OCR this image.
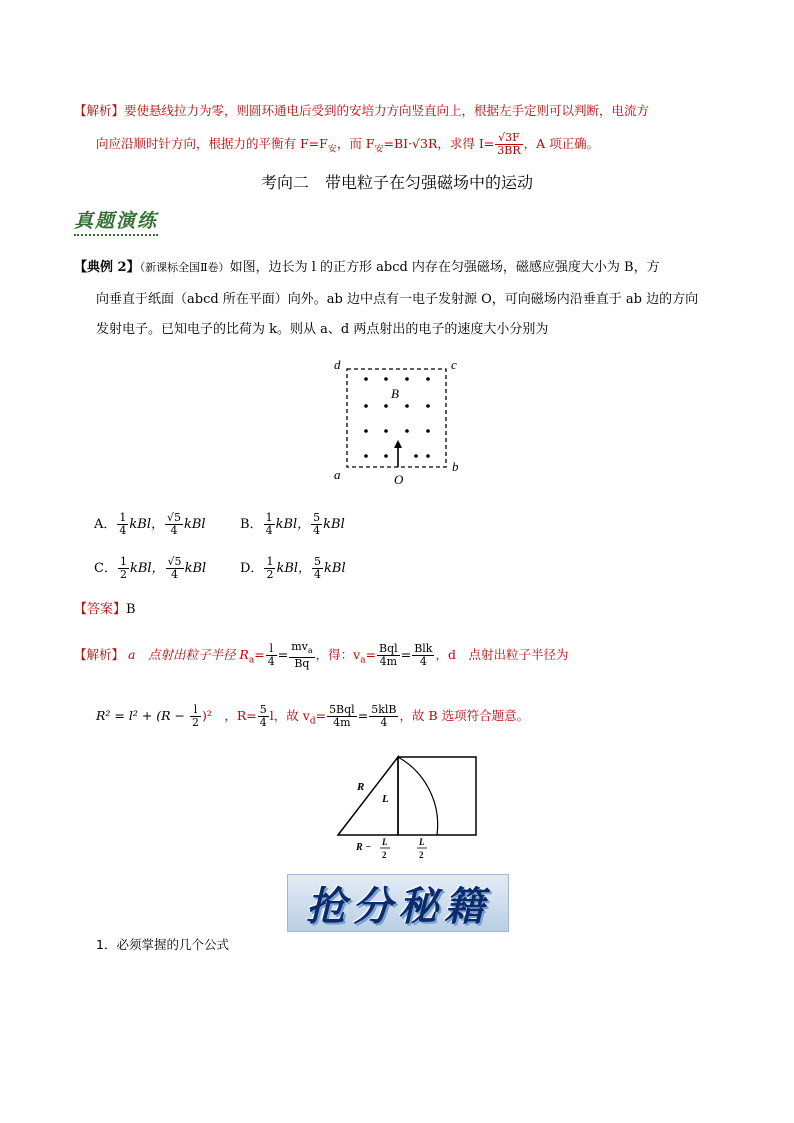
【解析】要使悬线拉力为零，则圆环通电后受到的安培力方向竖直向上，根据左手定则可以判断，电流方
向应沿顺时针方向，根据力的平衡有 $F=F_安$，而 $F_安=BI\cdot√3R$，求得 $I= \frac{√3F}{3BR}$ ，A 项正确。
考向二　带电粒子在匀强磁场中的运动
真题演练
【典例 2】（新课标全国Ⅱ卷）如图，边长为 l 的正方形 abcd 内存在匀强磁场，磁感应强度大小为 B，方
向垂直于纸面（abcd 所在平面）向外。ab 边中点有一电子发射源 O，可向磁场内沿垂直于 ab 边的方向
发射电子。已知电子的比荷为 k。则从 a、d 两点射出的电子的速度大小分别为
d	c
a
b
B
O
A． $\frac{1}{4}$ kBl， $\frac{√5}{4}$ kBl	B． $\frac{1}{4}$ kBl， $\frac{5}{4}$ kBl
C． $\frac{1}{2}$ kBl， $\frac{√5}{4}$ kBl	D． $\frac{1}{2}$ kBl， $\frac{5}{4}$ kBl
【答案】B
【解析】 a　点射出粒子半径 $R_a= \frac{l}{4} = \frac{mv_a}{Bq}$ ，得：$v_a= \frac{\text{Bql}}{4m} = \frac{\text{Blk}}{4}$ ，d　点射出粒子半径为
$R^2 = l^2 + (R - \frac{l}{2} )^2$　，$R= \frac{5}{4}$ l，故 $v_d= \frac{\text{5Bql}}{4m} = \frac{\text{5klB}}{4}$ ，故 B 选项符合题意。
R
L
R − L
2
L
2
抢分秘籍
1．必须掌握的几个公式
